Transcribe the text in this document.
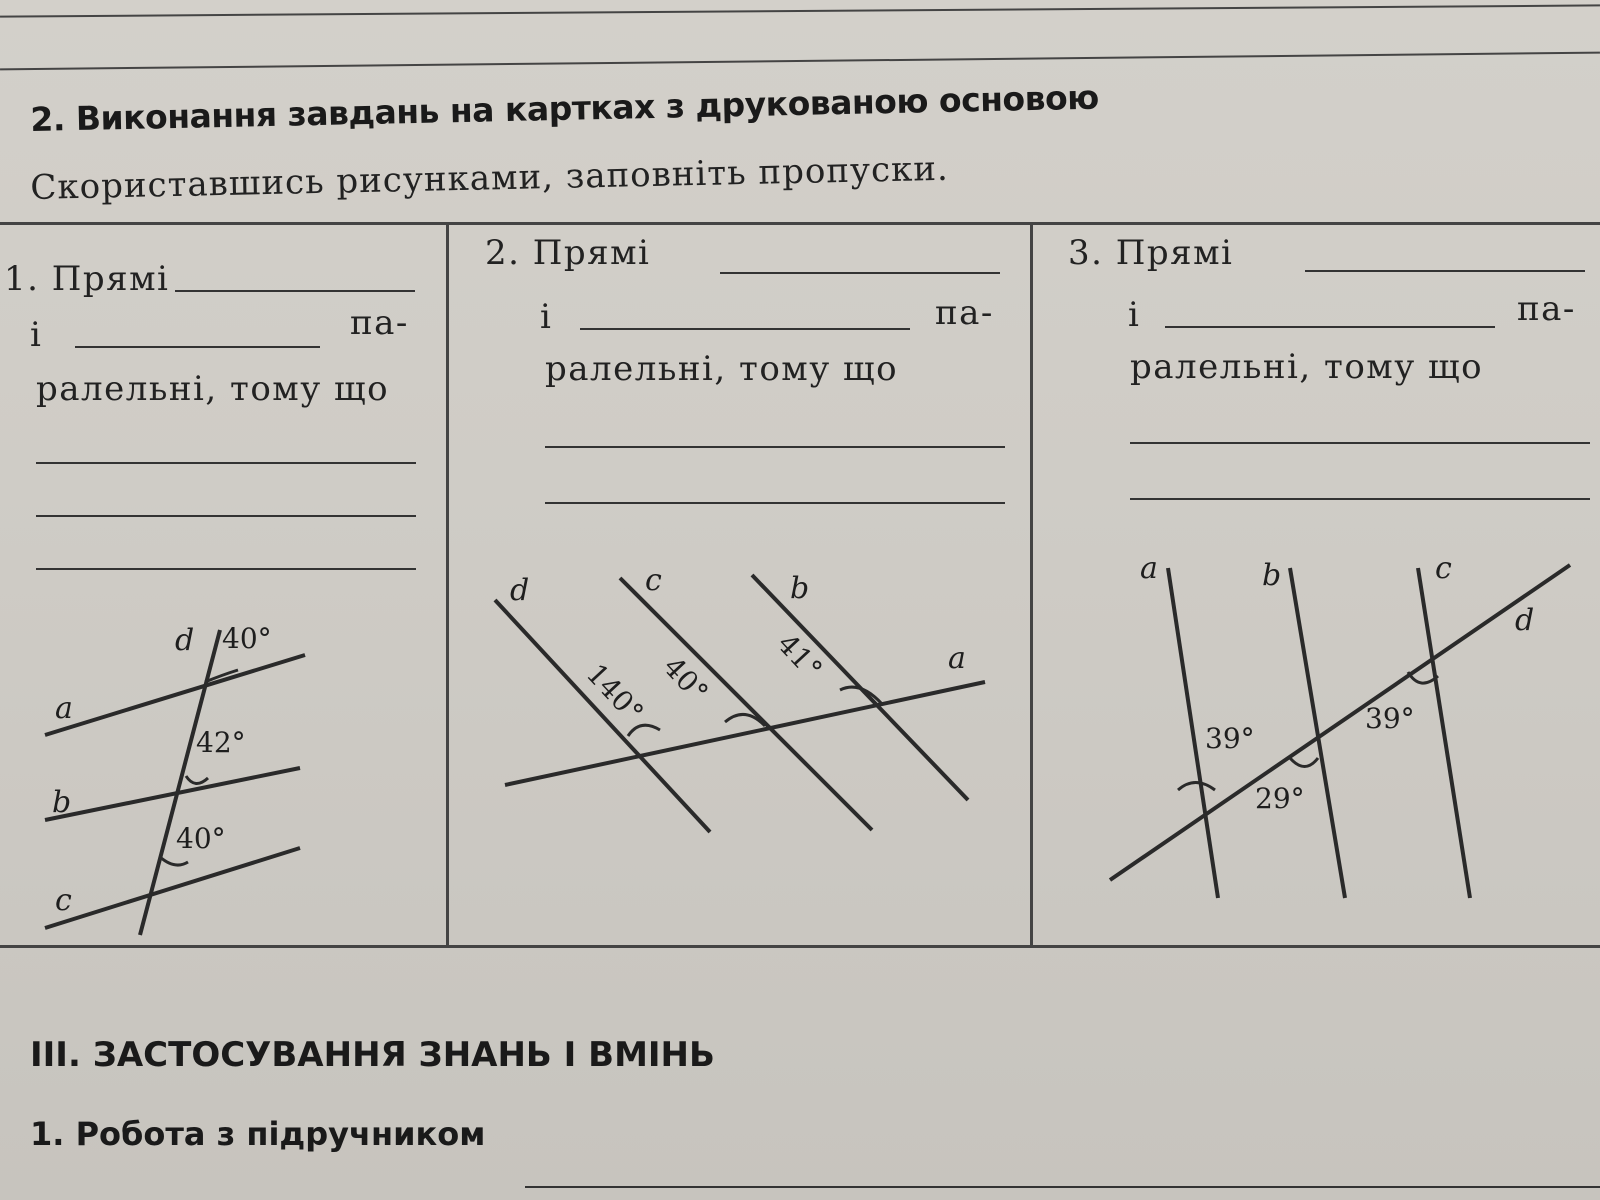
2. Виконання завдань на картках з друкованою основою
Скориставшись рисунками, заповніть пропуски.
1. Прямі
і	па-
ралельні, тому що
2. Прямі
і	па-
ралельні, тому що
3. Прямі
і	па-
ралельні, тому що
d
a
b
c
40°
42°
40°
d	c	b
a
140° 40° 41°
a	b	c
d
39°
39°
29°
III. ЗАСТОСУВАННЯ ЗНАНЬ І ВМІНЬ
1. Робота з підручником
